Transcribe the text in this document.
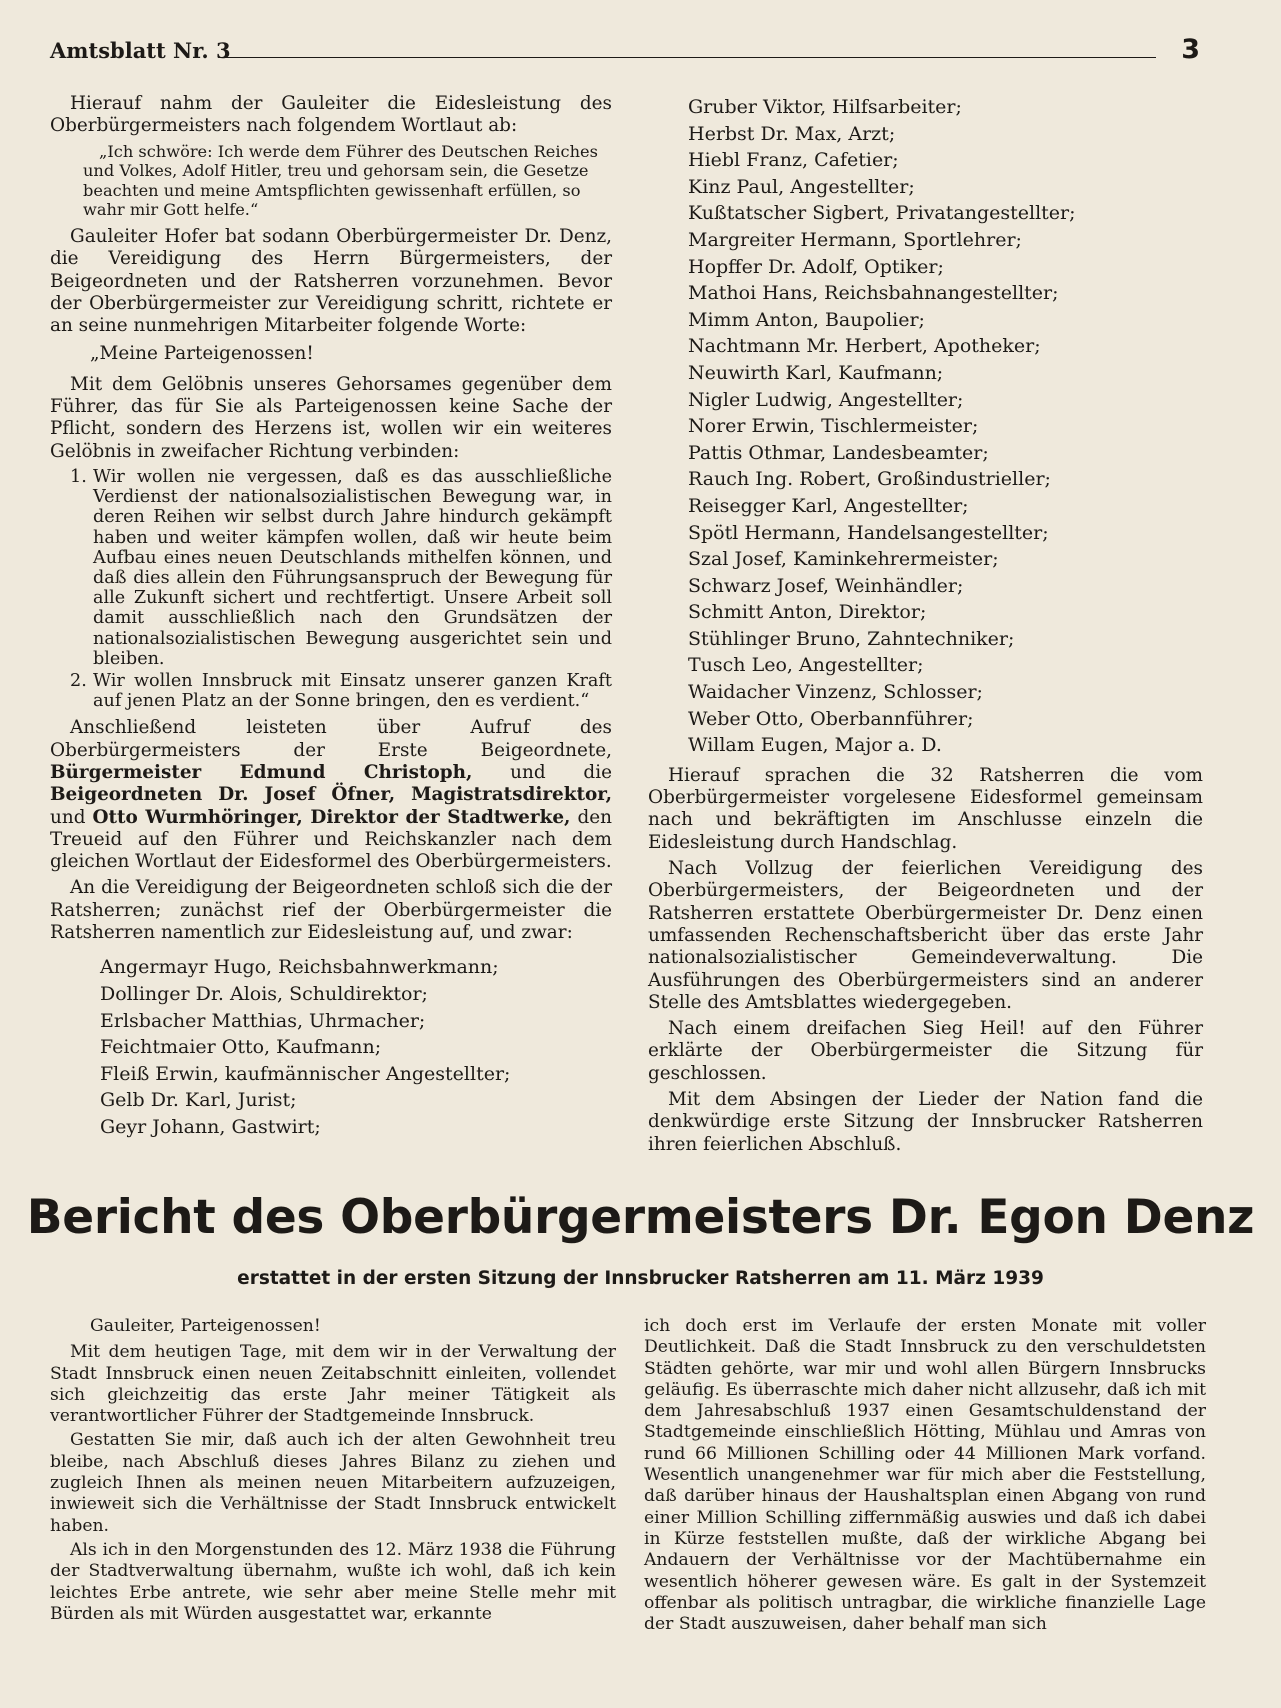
Amtsblatt Nr. 3	3

Hierauf nahm der Gauleiter die Eidesleistung des Oberbürgermeisters nach folgendem Wortlaut ab:

„Ich schwöre: Ich werde dem Führer des Deutschen Reiches
und Volkes, Adolf Hitler, treu und gehorsam sein, die Gesetze
beachten und meine Amtspflichten gewissenhaft erfüllen, so
wahr mir Gott helfe.“

Gauleiter Hofer bat sodann Oberbürgermeister Dr. Denz, die Vereidigung des Herrn Bürgermeisters, der Beigeordneten und der Ratsherren vorzunehmen. Bevor der Oberbürgermeister zur Vereidigung schritt, richtete er an seine nunmehrigen Mitarbeiter folgende Worte:

„Meine Parteigenossen!

Mit dem Gelöbnis unseres Gehorsames gegenüber dem Führer, das für Sie als Parteigenossen keine Sache der Pflicht, sondern des Herzens ist, wollen wir ein weiteres Gelöbnis in zweifacher Richtung verbinden:

1. Wir wollen nie vergessen, daß es das ausschließliche Verdienst der nationalsozialistischen Bewegung war, in deren Reihen wir selbst durch Jahre hindurch gekämpft haben und weiter kämpfen wollen, daß wir heute beim Aufbau eines neuen Deutschlands mithelfen können, und daß dies allein den Führungsanspruch der Bewegung für alle Zukunft sichert und rechtfertigt. Unsere Arbeit soll damit ausschließlich nach den Grundsätzen der nationalsozialistischen Bewegung ausgerichtet sein und bleiben.
2. Wir wollen Innsbruck mit Einsatz unserer ganzen Kraft auf jenen Platz an der Sonne bringen, den es verdient.“

Anschließend leisteten über Aufruf des Oberbürgermeisters der Erste Beigeordnete, Bürgermeister Edmund Christoph, und die Beigeordneten Dr. Josef Öfner, Magistratsdirektor, und Otto Wurmhöringer, Direktor der Stadtwerke, den Treueid auf den Führer und Reichskanzler nach dem gleichen Wortlaut der Eidesformel des Oberbürgermeisters.

An die Vereidigung der Beigeordneten schloß sich die der Ratsherren; zunächst rief der Oberbürgermeister die Ratsherren namentlich zur Eidesleistung auf, und zwar:

Angermayr Hugo, Reichsbahnwerkmann;
Dollinger Dr. Alois, Schuldirektor;
Erlsbacher Matthias, Uhrmacher;
Feichtmaier Otto, Kaufmann;
Fleiß Erwin, kaufmännischer Angestellter;
Gelb Dr. Karl, Jurist;
Geyr Johann, Gastwirt;
Gruber Viktor, Hilfsarbeiter;
Herbst Dr. Max, Arzt;
Hiebl Franz, Cafetier;
Kinz Paul, Angestellter;
Kußtatscher Sigbert, Privatangestellter;
Margreiter Hermann, Sportlehrer;
Hopffer Dr. Adolf, Optiker;
Mathoi Hans, Reichsbahnangestellter;
Mimm Anton, Baupolier;
Nachtmann Mr. Herbert, Apotheker;
Neuwirth Karl, Kaufmann;
Nigler Ludwig, Angestellter;
Norer Erwin, Tischlermeister;
Pattis Othmar, Landesbeamter;
Rauch Ing. Robert, Großindustrieller;
Reisegger Karl, Angestellter;
Spötl Hermann, Handelsangestellter;
Szal Josef, Kaminkehrermeister;
Schwarz Josef, Weinhändler;
Schmitt Anton, Direktor;
Stühlinger Bruno, Zahntechniker;
Tusch Leo, Angestellter;
Waidacher Vinzenz, Schlosser;
Weber Otto, Oberbannführer;
Willam Eugen, Major a. D.

Hierauf sprachen die 32 Ratsherren die vom Oberbürgermeister vorgelesene Eidesformel gemeinsam nach und bekräftigten im Anschlusse einzeln die Eidesleistung durch Handschlag.

Nach Vollzug der feierlichen Vereidigung des Oberbürgermeisters, der Beigeordneten und der Ratsherren erstattete Oberbürgermeister Dr. Denz einen umfassenden Rechenschaftsbericht über das erste Jahr nationalsozialistischer Gemeindeverwaltung. Die Ausführungen des Oberbürgermeisters sind an anderer Stelle des Amtsblattes wiedergegeben.

Nach einem dreifachen Sieg Heil! auf den Führer erklärte der Oberbürgermeister die Sitzung für geschlossen.

Mit dem Absingen der Lieder der Nation fand die denkwürdige erste Sitzung der Innsbrucker Ratsherren ihren feierlichen Abschluß.

Bericht des Oberbürgermeisters Dr. Egon Denz
erstattet in der ersten Sitzung der Innsbrucker Ratsherren am 11. März 1939

Gauleiter, Parteigenossen!

Mit dem heutigen Tage, mit dem wir in der Verwaltung der Stadt Innsbruck einen neuen Zeitabschnitt einleiten, vollendet sich gleichzeitig das erste Jahr meiner Tätigkeit als verantwortlicher Führer der Stadtgemeinde Innsbruck.

Gestatten Sie mir, daß auch ich der alten Gewohnheit treu bleibe, nach Abschluß dieses Jahres Bilanz zu ziehen und zugleich Ihnen als meinen neuen Mitarbeitern aufzuzeigen, inwieweit sich die Verhältnisse der Stadt Innsbruck entwickelt haben.

Als ich in den Morgenstunden des 12. März 1938 die Führung der Stadtverwaltung übernahm, wußte ich wohl, daß ich kein leichtes Erbe antrete, wie sehr aber meine Stelle mehr mit Bürden als mit Würden ausgestattet war, erkannte

ich doch erst im Verlaufe der ersten Monate mit voller Deutlichkeit. Daß die Stadt Innsbruck zu den verschuldetsten Städten gehörte, war mir und wohl allen Bürgern Innsbrucks geläufig. Es überraschte mich daher nicht allzusehr, daß ich mit dem Jahresabschluß 1937 einen Gesamtschuldenstand der Stadtgemeinde einschließlich Hötting, Mühlau und Amras von rund 66 Millionen Schilling oder 44 Millionen Mark vorfand. Wesentlich unangenehmer war für mich aber die Feststellung, daß darüber hinaus der Haushaltsplan einen Abgang von rund einer Million Schilling ziffernmäßig auswies und daß ich dabei in Kürze feststellen mußte, daß der wirkliche Abgang bei Andauern der Verhältnisse vor der Machtübernahme ein wesentlich höherer gewesen wäre. Es galt in der Systemzeit offenbar als politisch untragbar, die wirkliche finanzielle Lage der Stadt auszuweisen, daher behalf man sich
